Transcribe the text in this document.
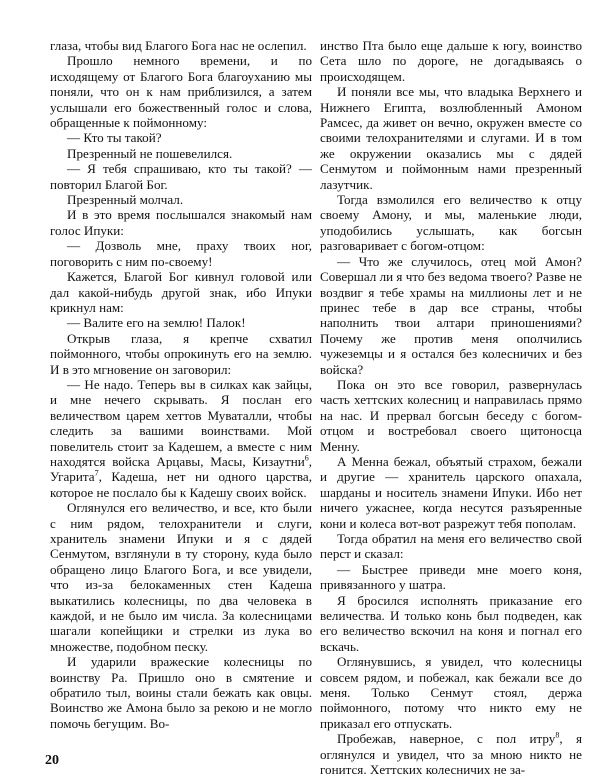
глаза, чтобы вид Благого Бога нас не ослепил.

Прошло немного времени, и по исходящему от Благого Бога благоуханию мы поняли, что он к нам приблизился, а затем услышали его божественный голос и слова, обращенные к поймонному:

— Кто ты такой?

Презренный не пошевелился.

— Я тебя спрашиваю, кто ты такой? — повторил Благой Бог.

Презренный молчал.

И в это время послышался знакомый нам голос Ипуки:

— Дозволь мне, праху твоих ног, поговорить с ним по-своему!

Кажется, Благой Бог кивнул головой или дал какой-нибудь другой знак, ибо Ипуки крикнул нам:

— Валите его на землю! Палок!

Открыв глаза, я крепче схватил поймонного, чтобы опрокинуть его на землю. И в это мгновение он заговорил:

— Не надо. Теперь вы в силках как зайцы, и мне нечего скрывать. Я послан его величеством царем хеттов Муваталли, чтобы следить за вашими воинствами. Мой повелитель стоит за Кадешем, а вместе с ним находятся войска Арцавы, Масы, Кизаутни$^6$, Угарита$^7$, Кадеша, нет ни одного царства, которое не послало бы к Кадешу своих войск.

Оглянулся его величество, и все, кто были с ним рядом, телохранители и слуги, хранитель знамени Ипуки и я с дядей Сенмутом, взглянули в ту сторону, куда было обращено лицо Благого Бога, и все увидели, что из-за белокаменных стен Кадеша выкатились колесницы, по два человека в каждой, и не было им числа. За колесницами шагали копейщики и стрелки из лука во множестве, подобном песку.

И ударили вражеские колесницы по воинству Ра. Пришло оно в смятение и обратило тыл, воины стали бежать как овцы. Воинство же Амона было за рекою и не могло помочь бегущим. Во-

инство Пта было еще дальше к югу, воинство Сета шло по дороге, не догадываясь о происходящем.

И поняли все мы, что владыка Верхнего и Нижнего Египта, возлюбленный Амоном Рамсес, да живет он вечно, окружен вместе со своими телохранителями и слугами. И в том же окружении оказались мы с дядей Сенмутом и поймонным нами презренный лазутчик.

Тогда взмолился его величество к отцу своему Амону, и мы, маленькие люди, уподобились услышать, как богсын разговаривает с богом-отцом:

— Что же случилось, отец мой Амон? Совершал ли я что без ведома твоего? Разве не воздвиг я тебе храмы на миллионы лет и не принес тебе в дар все страны, чтобы наполнить твои алтари приношениями? Почему же против меня ополчились чужеземцы и я остался без колесничих и без войска?

Пока он это все говорил, развернулась часть хеттских колесниц и направилась прямо на нас. И прервал богсын беседу с богом-отцом и востребовал своего щитоносца Менну.

А Менна бежал, объятый страхом, бежали и другие — хранитель царского опахала, шарданы и носитель знамени Ипуки. Ибо нет ничего ужаснее, когда несутся разъяренные кони и колеса вот-вот разрежут тебя пополам.

Тогда обратил на меня его величество свой перст и сказал:

— Быстрее приведи мне моего коня, привязанного у шатра.

Я бросился исполнять приказание его величества. И только конь был подведен, как его величество вскочил на коня и погнал его вскачь.

Оглянувшись, я увидел, что колесницы совсем рядом, и побежал, как бежали все до меня. Только Сенмут стоял, держа поймонного, потому что никто ему не приказал его отпускать.

Пробежав, наверное, с пол итру$^8$, я оглянулся и увидел, что за мною никто не гонится. Хеттских колесничих не за-

20
